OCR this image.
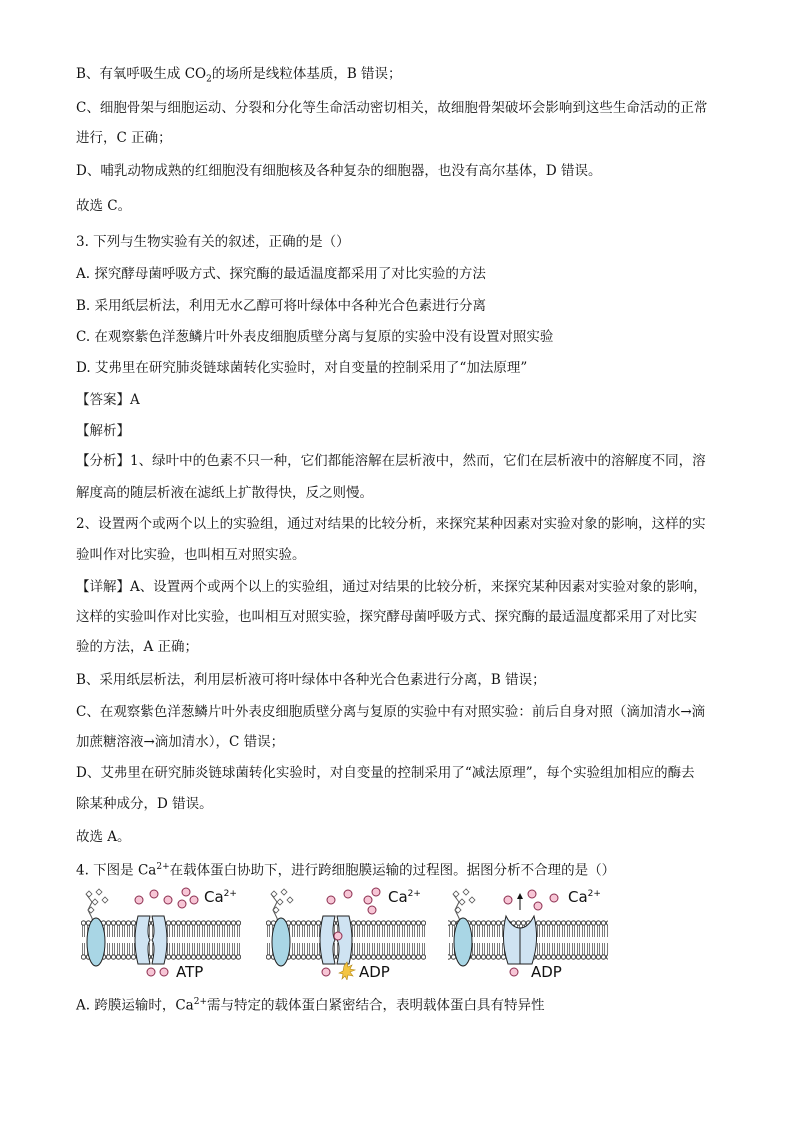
B、有氧呼吸生成 $CO_2$的场所是线粒体基质，B 错误；
C、细胞骨架与细胞运动、分裂和分化等生命活动密切相关，故细胞骨架破坏会影响到这些生命活动的正常
进行，C 正确；
D、哺乳动物成熟的红细胞没有细胞核及各种复杂的细胞器，也没有高尔基体，D 错误。
故选 C。
3. 下列与生物实验有关的叙述，正确的是（）
A. 探究酵母菌呼吸方式、探究酶的最适温度都采用了对比实验的方法
B. 采用纸层析法，利用无水乙醇可将叶绿体中各种光合色素进行分离
C. 在观察紫色洋葱鳞片叶外表皮细胞质壁分离与复原的实验中没有设置对照实验
D. 艾弗里在研究肺炎链球菌转化实验时，对自变量的控制采用了“加法原理”
【答案】A
【解析】
【分析】1、绿叶中的色素不只一种，它们都能溶解在层析液中，然而，它们在层析液中的溶解度不同，溶
解度高的随层析液在滤纸上扩散得快，反之则慢。
2、设置两个或两个以上的实验组，通过对结果的比较分析，来探究某种因素对实验对象的影响，这样的实
验叫作对比实验，也叫相互对照实验。
【详解】A、设置两个或两个以上的实验组，通过对结果的比较分析，来探究某种因素对实验对象的影响，
这样的实验叫作对比实验，也叫相互对照实验，探究酵母菌呼吸方式、探究酶的最适温度都采用了对比实
验的方法，A 正确；
B、采用纸层析法，利用层析液可将叶绿体中各种光合色素进行分离，B 错误；
C、在观察紫色洋葱鳞片叶外表皮细胞质壁分离与复原的实验中有对照实验：前后自身对照（滴加清水→滴
加蔗糖溶液→滴加清水），C 错误；
D、艾弗里在研究肺炎链球菌转化实验时，对自变量的控制采用了“减法原理”，每个实验组加相应的酶去
除某种成分，D 错误。
故选 A。
4. 下图是 $Ca^{2+}$在载体蛋白协助下，进行跨细胞膜运输的过程图。据图分析不合理的是（）
$Ca^{2+}$
ATP
$Ca^{2+}$
ADP
$Ca^{2+}$
ADP
A. 跨膜运输时，$Ca^{2+}$需与特定的载体蛋白紧密结合，表明载体蛋白具有特异性
